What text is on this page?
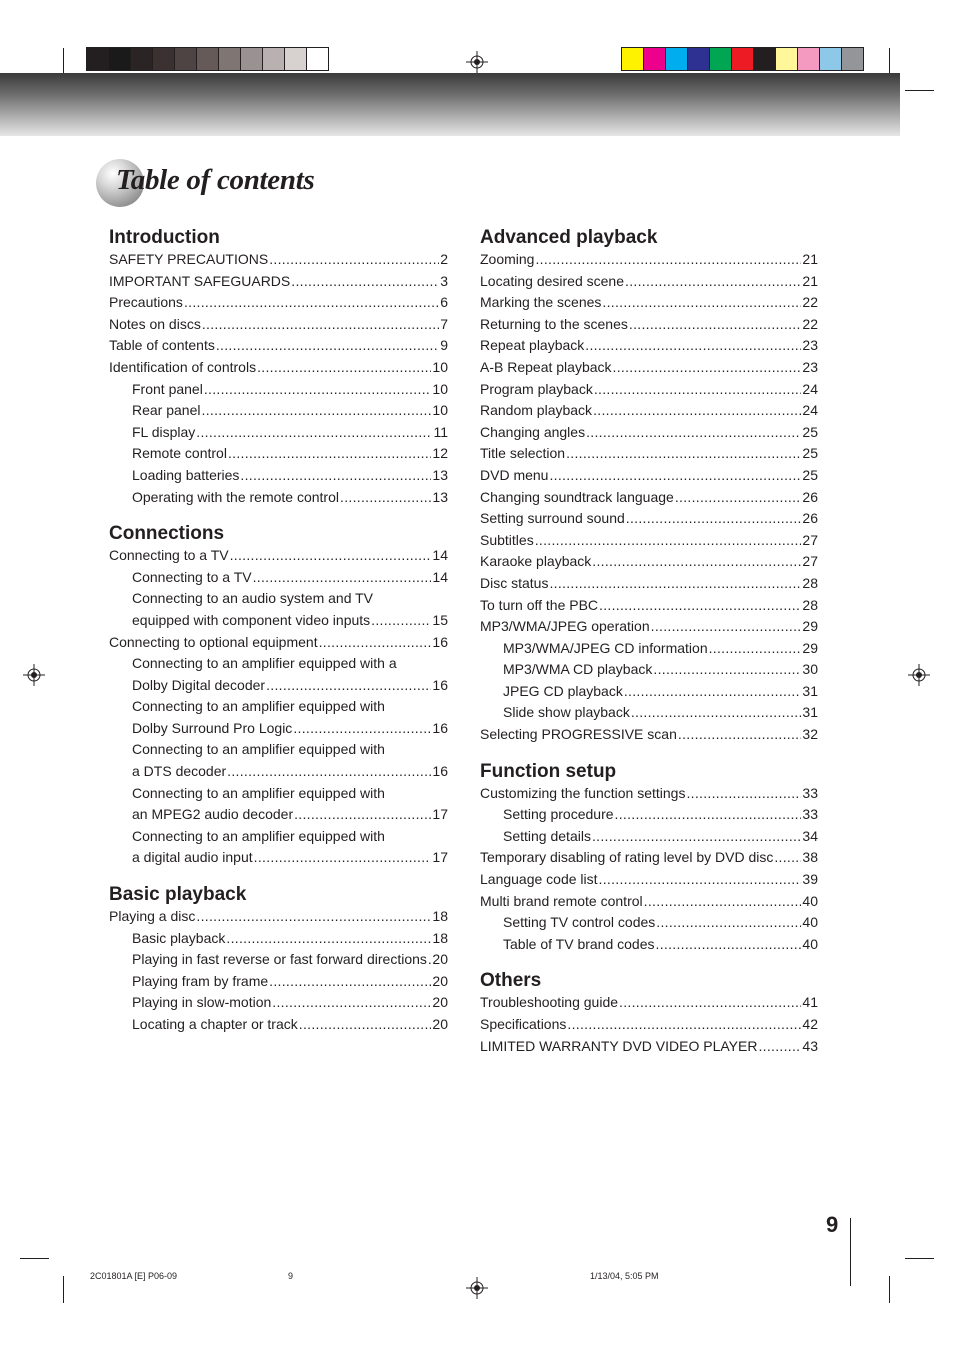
Table of contents
Introduction
SAFETY PRECAUTIONS .....	2
IMPORTANT SAFEGUARDS .....	3
Precautions .....	6
Notes on discs .....	7
Table of contents .....	9
Identification of controls .....	10
Front panel .....	10
Rear panel .....	10
FL display .....	11
Remote control .....	12
Loading batteries .....	13
Operating with the remote control .....	13
Connections
Connecting to a TV .....	14
Connecting to a TV .....	14
Connecting to an audio system and TV
equipped with component video inputs .....	15
Connecting to optional equipment .....	16
Connecting to an amplifier equipped with a
Dolby Digital decoder .....	16
Connecting to an amplifier equipped with
Dolby Surround Pro Logic .....	16
Connecting to an amplifier equipped with
a DTS decoder .....	16
Connecting to an amplifier equipped with
an MPEG2 audio decoder .....	17
Connecting to an amplifier equipped with
a digital audio input .....	17
Basic playback
Playing a disc .....	18
Basic playback .....	18
Playing in fast reverse or fast forward directions ..... 20
Playing fram by frame .....	20
Playing in slow-motion .....	20
Locating a chapter or track .....	20
Advanced playback
Zooming .....	21
Locating desired scene .....	21
Marking the scenes .....	22
Returning to the scenes .....	22
Repeat playback .....	23
A-B Repeat playback .....	23
Program playback .....	24
Random playback .....	24
Changing angles .....	25
Title selection .....	25
DVD menu .....	25
Changing soundtrack language .....	26
Setting surround sound .....	26
Subtitles .....	27
Karaoke playback .....	27
Disc status .....	28
To turn off the PBC .....	28
MP3/WMA/JPEG operation .....	29
MP3/WMA/JPEG CD information .....	29
MP3/WMA CD playback .....	30
JPEG CD playback .....	31
Slide show playback .....	31
Selecting PROGRESSIVE scan .....	32
Function setup
Customizing the function settings .....	33
Setting procedure .....	33
Setting details .....	34
Temporary disabling of rating level by DVD disc ..... 38
Language code list .....	39
Multi brand remote control .....	40
Setting TV control codes .....	40
Table of TV brand codes .....	40
Others
Troubleshooting guide .....	41
Specifications .....	42
LIMITED WARRANTY DVD VIDEO PLAYER .....	43
9
2C01801A [E] P06-09	9	1/13/04, 5:05 PM
